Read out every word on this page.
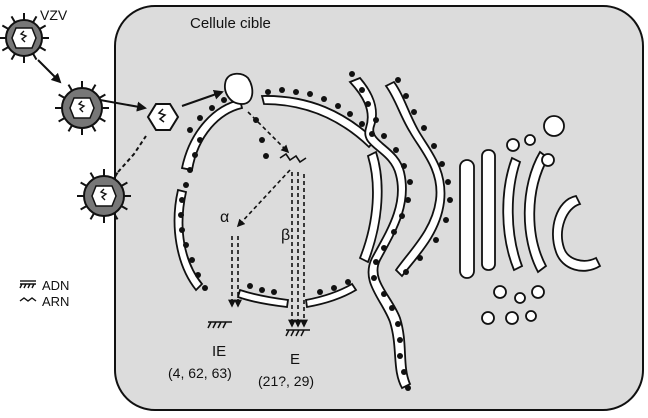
Cellule cible
α
β
IE
(4, 62, 63)
E
(21?, 29)
VZV
ADN
ARN
